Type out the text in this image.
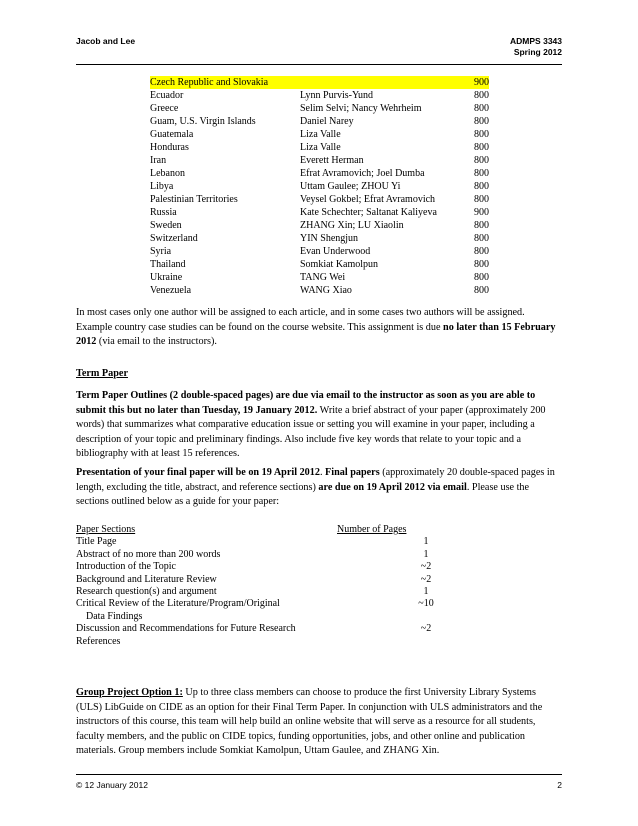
Jacob and Lee	ADMPS 3343
Spring 2012
Czech Republic and Slovakia		900
Ecuador	Lynn Purvis-Yund	800
Greece	Selim Selvi; Nancy Wehrheim	800
Guam, U.S. Virgin Islands	Daniel Narey	800
Guatemala	Liza Valle	800
Honduras	Liza Valle	800
Iran	Everett Herman	800
Lebanon	Efrat Avramovich; Joel Dumba	800
Libya	Uttam Gaulee; ZHOU Yi	800
Palestinian Territories	Veysel Gokbel; Efrat Avramovich	800
Russia	Kate Schechter; Saltanat Kaliyeva	900
Sweden	ZHANG Xin; LU Xiaolin	800
Switzerland	YIN Shengjun	800
Syria	Evan Underwood	800
Thailand	Somkiat Kamolpun	800
Ukraine	TANG Wei	800
Venezuela	WANG Xiao	800
In most cases only one author will be assigned to each article, and in some cases two authors will be assigned. Example country case studies can be found on the course website. This assignment is due no later than 15 February 2012 (via email to the instructors).
Term Paper
Term Paper Outlines (2 double-spaced pages) are due via email to the instructor as soon as you are able to submit this but no later than Tuesday, 19 January 2012. Write a brief abstract of your paper (approximately 200 words) that summarizes what comparative education issue or setting you will examine in your paper, including a description of your topic and preliminary findings. Also include five key words that relate to your topic and a bibliography with at least 15 references.
Presentation of your final paper will be on 19 April 2012. Final papers (approximately 20 double-spaced pages in length, excluding the title, abstract, and reference sections) are due on 19 April 2012 via email. Please use the sections outlined below as a guide for your paper:
Paper Sections	Number of Pages
Title Page	1
Abstract of no more than 200 words	1
Introduction of the Topic	~2
Background and Literature Review	~2
Research question(s) and argument	1
Critical Review of the Literature/Program/Original	~10
Data Findings
Discussion and Recommendations for Future Research	~2
References
Group Project Option 1: Up to three class members can choose to produce the first University Library Systems (ULS) LibGuide on CIDE as an option for their Final Term Paper. In conjunction with ULS administrators and the instructors of this course, this team will help build an online website that will serve as a resource for all students, faculty members, and the public on CIDE topics, funding opportunities, jobs, and other online and publication materials. Group members include Somkiat Kamolpun, Uttam Gaulee, and ZHANG Xin.
© 12 January 2012	2
